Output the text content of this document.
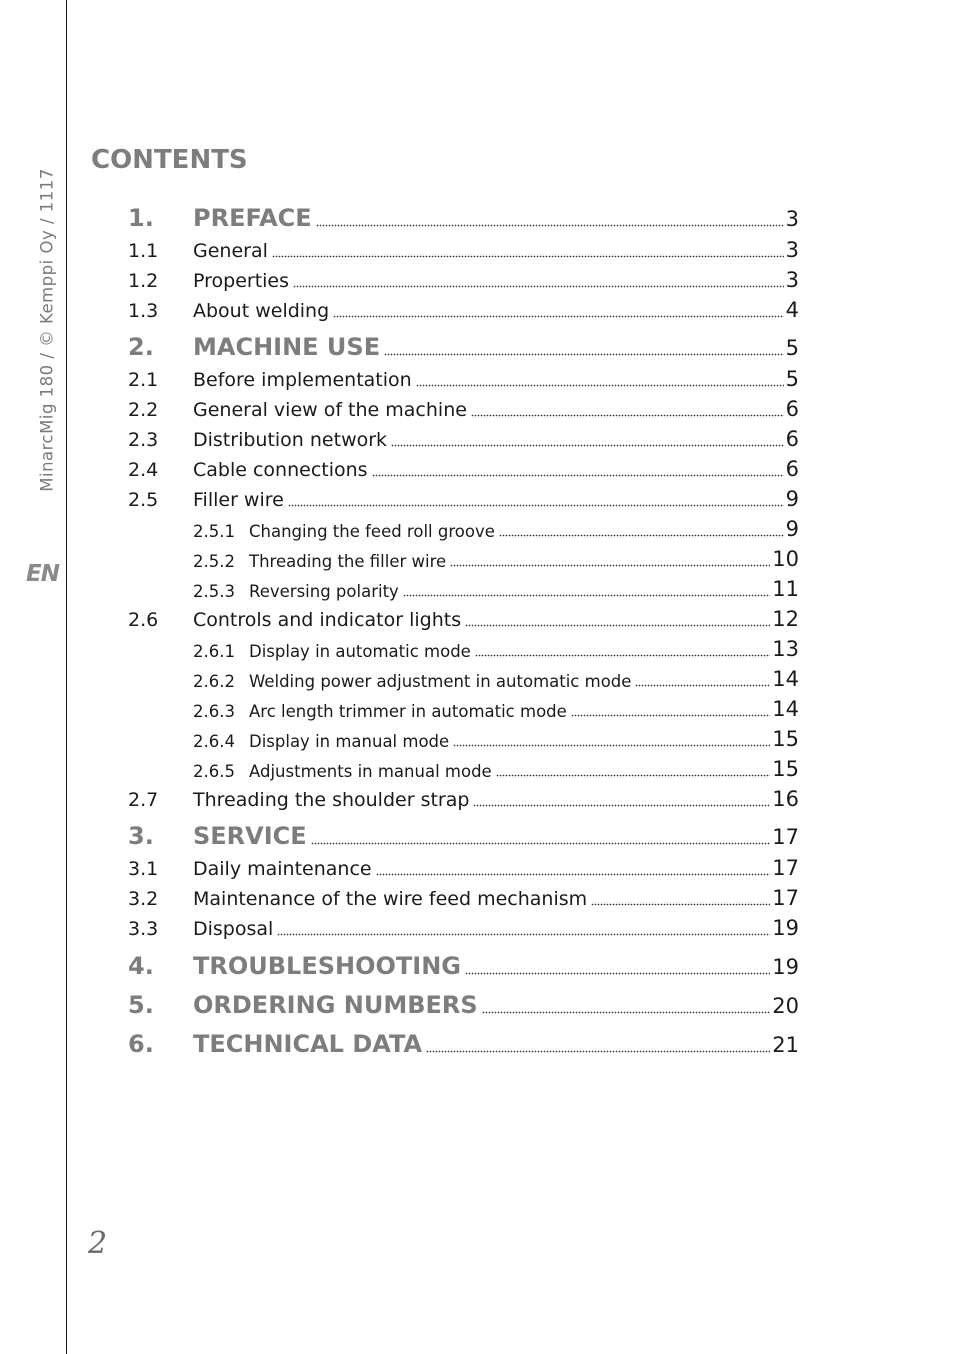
MinarcMig 180 / © Kemppi Oy / 1117
EN
2
CONTENTS
1. PREFACE	3
1.1 General	3
1.2 Properties	3
1.3 About welding	4
2. MACHINE USE	5
2.1 Before implementation	5
2.2 General view of the machine	6
2.3 Distribution network	6
2.4 Cable connections	6
2.5 Filler wire	9
2.5.1 Changing the feed roll groove	9
2.5.2 Threading the filler wire	10
2.5.3 Reversing polarity	11
2.6 Controls and indicator lights	12
2.6.1 Display in automatic mode	13
2.6.2 Welding power adjustment in automatic mode	14
2.6.3 Arc length trimmer in automatic mode	14
2.6.4 Display in manual mode	15
2.6.5 Adjustments in manual mode	15
2.7 Threading the shoulder strap	16
3. SERVICE	17
3.1 Daily maintenance	17
3.2 Maintenance of the wire feed mechanism	17
3.3 Disposal	19
4. TROUBLESHOOTING	19
5. ORDERING NUMBERS	20
6. TECHNICAL DATA	21
